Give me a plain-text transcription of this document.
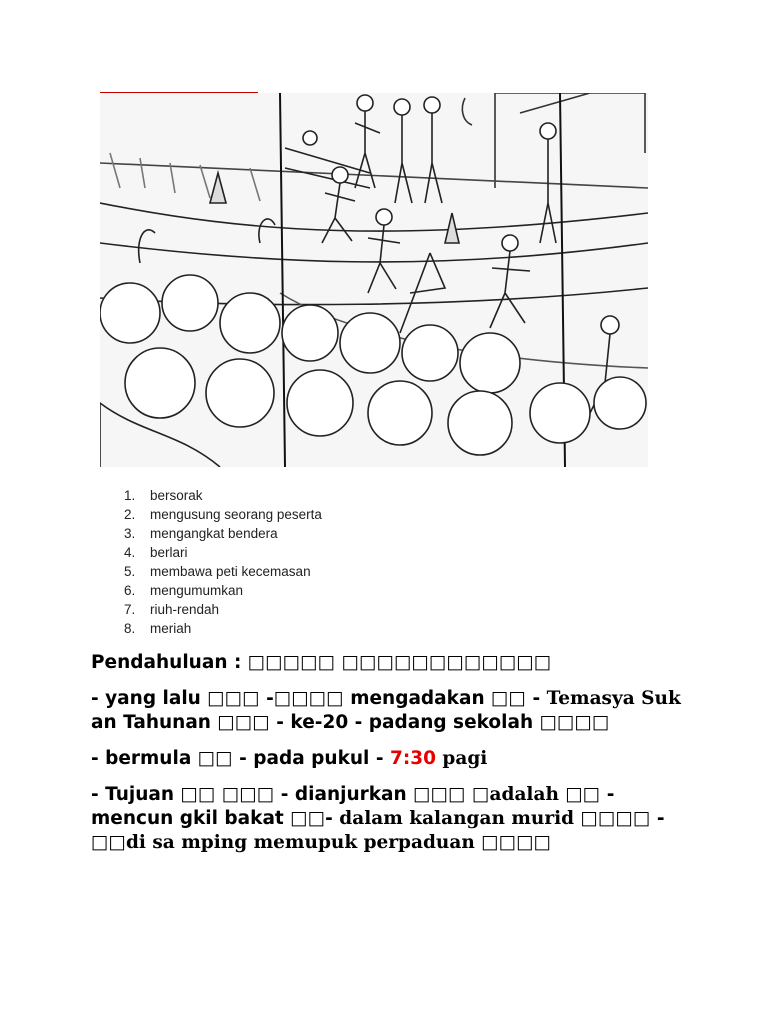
1. bersorak
2. mengusung seorang peserta
3. mengangkat bendera
4. berlari
5. membawa peti kecemasan
6. mengumumkan
7. riuh-rendah
8. meriah

Pendahuluan : □□□□□ □□□□□□□□□□□□

- yang lalu □□□ -□□□□ mengadakan □□ - Temasya Suk
an Tahunan □□□ - ke-20 - padang sekolah □□□□

- bermula □□ - pada pukul - 7:30 pagi

- Tujuan □□ □□□ - dianjurkan □□□ □adalah □□ - mencun gkil bakat □□- dalam kalangan murid □□□□ - □□di sa mping memupuk perpaduan □□□□
